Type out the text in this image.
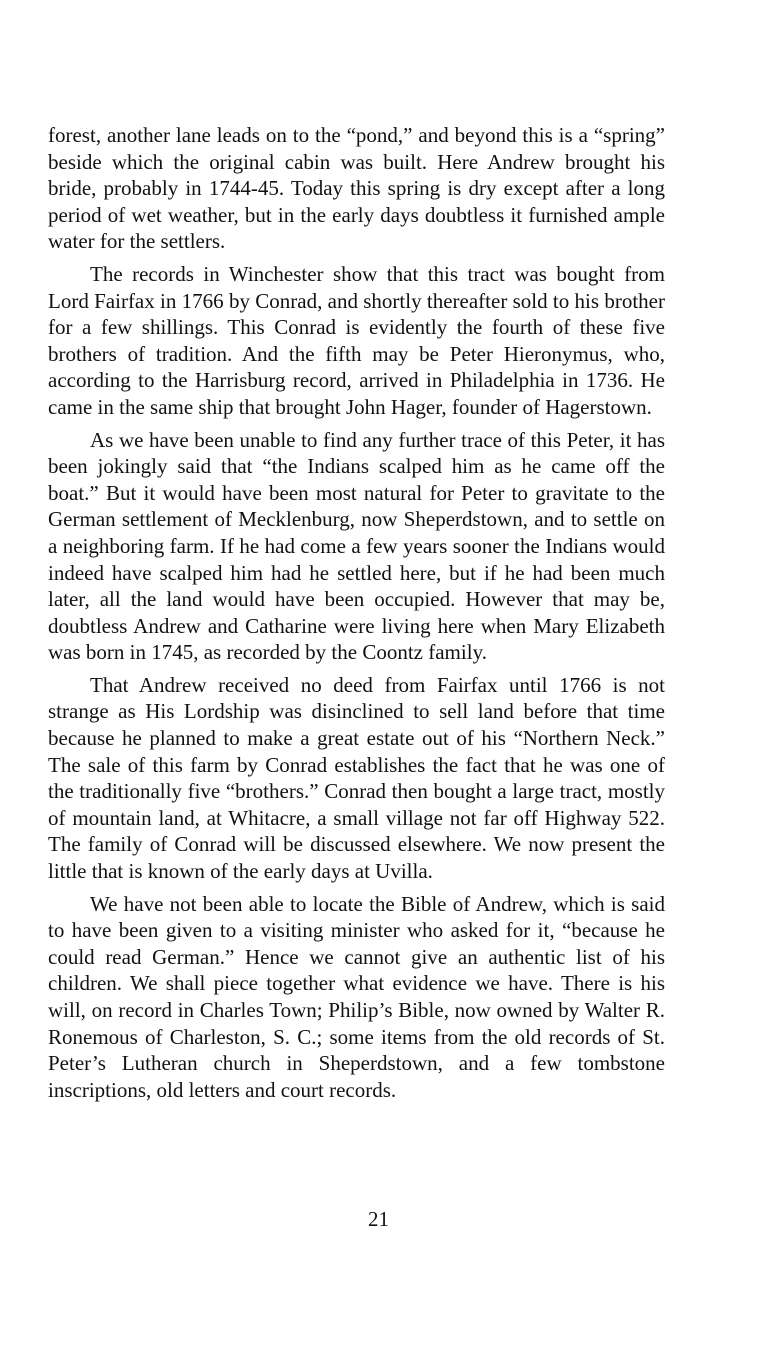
forest, another lane leads on to the “pond,” and beyond this is a “spring” beside which the original cabin was built. Here Andrew brought his bride, probably in 1744-45. Today this spring is dry except after a long period of wet weather, but in the early days doubtless it furnished ample water for the settlers.

The records in Winchester show that this tract was bought from Lord Fairfax in 1766 by Conrad, and shortly thereafter sold to his brother for a few shillings. This Conrad is evidently the fourth of these five brothers of tradition. And the fifth may be Peter Hieronymus, who, according to the Harrisburg record, arrived in Philadelphia in 1736. He came in the same ship that brought John Hager, founder of Hagerstown.

As we have been unable to find any further trace of this Peter, it has been jokingly said that “the Indians scalped him as he came off the boat.” But it would have been most natural for Peter to gravitate to the German settlement of Mecklenburg, now Sheperdstown, and to settle on a neighboring farm. If he had come a few years sooner the Indians would indeed have scalped him had he settled here, but if he had been much later, all the land would have been occupied. However that may be, doubtless Andrew and Catharine were living here when Mary Elizabeth was born in 1745, as recorded by the Coontz family.

That Andrew received no deed from Fairfax until 1766 is not strange as His Lordship was disinclined to sell land before that time because he planned to make a great estate out of his “Northern Neck.” The sale of this farm by Conrad establishes the fact that he was one of the traditionally five “brothers.” Conrad then bought a large tract, mostly of mountain land, at Whitacre, a small village not far off Highway 522. The family of Conrad will be discussed elsewhere. We now present the little that is known of the early days at Uvilla.

We have not been able to locate the Bible of Andrew, which is said to have been given to a visiting minister who asked for it, “because he could read German.” Hence we cannot give an authentic list of his children. We shall piece together what evidence we have. There is his will, on record in Charles Town; Philip’s Bible, now owned by Walter R. Ronemous of Charleston, S. C.; some items from the old records of St. Peter’s Lutheran church in Sheperdstown, and a few tombstone inscriptions, old letters and court records.

21
